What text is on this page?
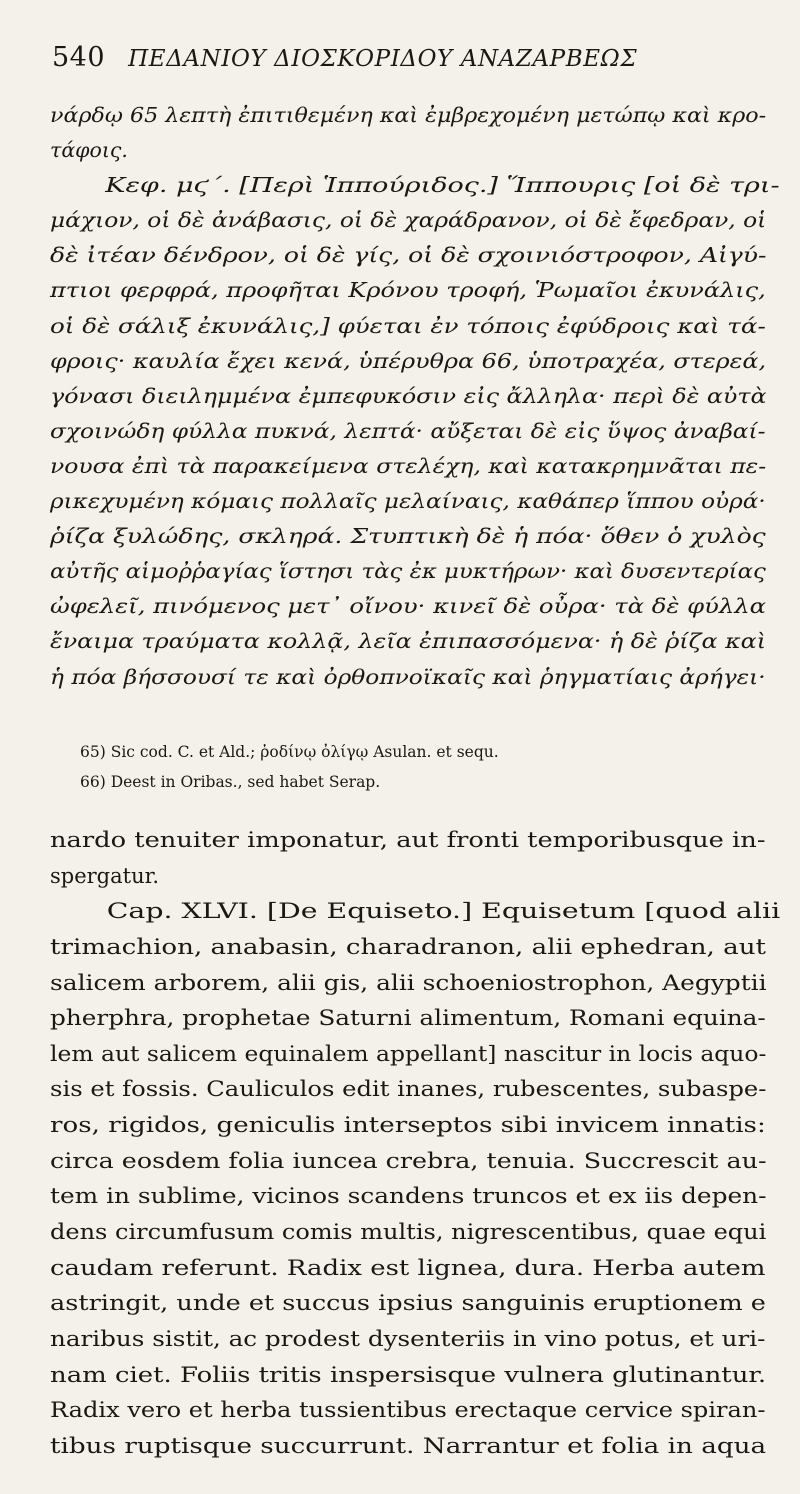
540 ΠΕΔΑΝΙΟΥ ΔΙΟΣΚΟΡΙΔΟΥ ΑΝΑΖΑΡΒΕΩΣ
νάρδῳ 65 λεπτὴ ἐπιτιθεμένη καὶ ἐμβρεχομένη μετώπῳ καὶ κρο-
τάφοις.
Κεφ. μϛ΄. [Περὶ Ἱππούριδος.] Ἵππουρις [οἱ δὲ τρι-
μάχιον, οἱ δὲ ἀνάβασις, οἱ δὲ χαράδρανον, οἱ δὲ ἔφεδραν, οἱ
δὲ ἰτέαν δένδρον, οἱ δὲ γίς, οἱ δὲ σχοινιόστροφον, Αἰγύ-
πτιοι φερφρά, προφῆται Κρόνου τροφή, Ῥωμαῖοι ἐκυνάλις,
οἱ δὲ σάλιξ ἐκυνάλις,] φύεται ἐν τόποις ἐφύδροις καὶ τά-
φροις· καυλία ἔχει κενά, ὑπέρυθρα 66, ὑποτραχέα, στερεά,
γόνασι διειλημμένα ἐμπεφυκόσιν εἰς ἄλληλα· περὶ δὲ αὐτὰ
σχοινώδη φύλλα πυκνά, λεπτά· αὔξεται δὲ εἰς ὕψος ἀναβαί-
νουσα ἐπὶ τὰ παρακείμενα στελέχη, καὶ κατακρημνᾶται πε-
ρικεχυμένη κόμαις πολλαῖς μελαίναις, καθάπερ ἵππου οὐρά·
ῥίζα ξυλώδης, σκληρά. Στυπτικὴ δὲ ἡ πόα· ὅθεν ὁ χυλὸς
αὐτῆς αἱμοῤῥαγίας ἵστησι τὰς ἐκ μυκτήρων· καὶ δυσεντερίας
ὠφελεῖ, πινόμενος μετ᾽ οἴνου· κινεῖ δὲ οὖρα· τὰ δὲ φύλλα
ἔναιμα τραύματα κολλᾷ, λεῖα ἐπιπασσόμενα· ἡ δὲ ῥίζα καὶ
ἡ πόα βήσσουσί τε καὶ ὀρθοπνοϊκαῖς καὶ ῥηγματίαις ἀρήγει·
65) Sic cod. C. et Ald.; ῥοδίνῳ ὀλίγῳ Asulan. et sequ.
66) Deest in Oribas., sed habet Serap.
nardo tenuiter imponatur, aut fronti temporibusque in-
spergatur.
Cap. XLVI. [De Equiseto.] Equisetum [quod alii
trimachion, anabasin, charadranon, alii ephedran, aut
salicem arborem, alii gis, alii schoeniostrophon, Aegyptii
pherphra, prophetae Saturni alimentum, Romani equina-
lem aut salicem equinalem appellant] nascitur in locis aquo-
sis et fossis. Cauliculos edit inanes, rubescentes, subaspe-
ros, rigidos, geniculis interseptos sibi invicem innatis:
circa eosdem folia iuncea crebra, tenuia. Succrescit au-
tem in sublime, vicinos scandens truncos et ex iis depen-
dens circumfusum comis multis, nigrescentibus, quae equi
caudam referunt. Radix est lignea, dura. Herba autem
astringit, unde et succus ipsius sanguinis eruptionem e
naribus sistit, ac prodest dysenteriis in vino potus, et uri-
nam ciet. Foliis tritis inspersisque vulnera glutinantur.
Radix vero et herba tussientibus erectaque cervice spiran-
tibus ruptisque succurrunt. Narrantur et folia in aqua
